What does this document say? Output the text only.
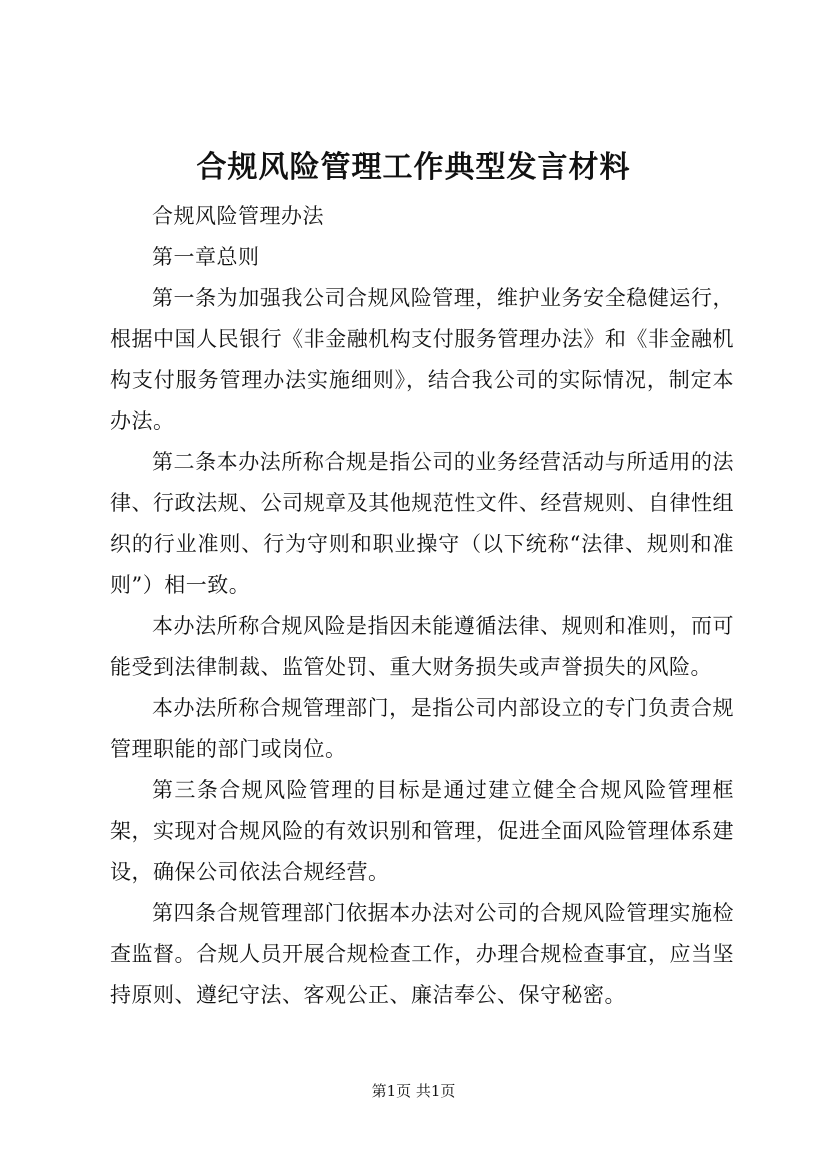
合规风险管理工作典型发言材料

合规风险管理办法

第一章总则

第一条为加强我公司合规风险管理，维护业务安全稳健运行，根据中国人民银行《非金融机构支付服务管理办法》和《非金融机构支付服务管理办法实施细则》，结合我公司的实际情况，制定本办法。

第二条本办法所称合规是指公司的业务经营活动与所适用的法律、行政法规、公司规章及其他规范性文件、经营规则、自律性组织的行业准则、行为守则和职业操守（以下统称“法律、规则和准则”）相一致。

本办法所称合规风险是指因未能遵循法律、规则和准则，而可能受到法律制裁、监管处罚、重大财务损失或声誉损失的风险。

本办法所称合规管理部门，是指公司内部设立的专门负责合规管理职能的部门或岗位。

第三条合规风险管理的目标是通过建立健全合规风险管理框架，实现对合规风险的有效识别和管理，促进全面风险管理体系建设，确保公司依法合规经营。

第四条合规管理部门依据本办法对公司的合规风险管理实施检查监督。合规人员开展合规检查工作，办理合规检查事宜，应当坚持原则、遵纪守法、客观公正、廉洁奉公、保守秘密。

第1页 共1页
